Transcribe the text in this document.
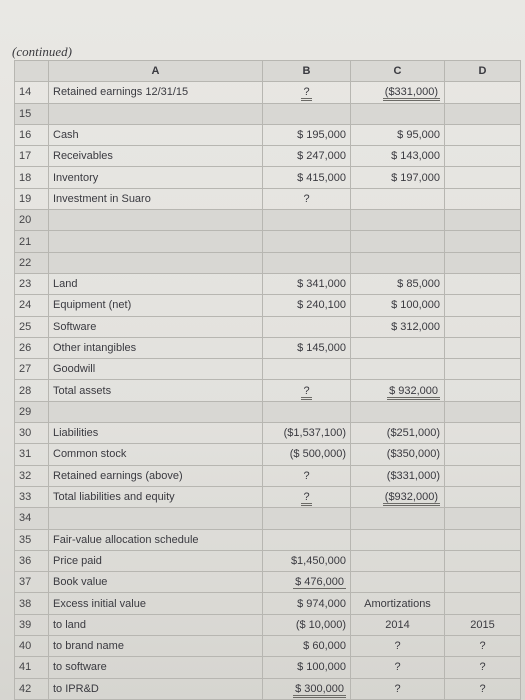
(continued)
	A	B	C	D
14	Retained earnings 12/31/15	?	($331,000)	
15				
16	Cash	$ 195,000	$ 95,000	
17	Receivables	$ 247,000	$ 143,000	
18	Inventory	$ 415,000	$ 197,000	
19	Investment in Suaro	?		
20				
21				
22				
23	Land	$ 341,000	$ 85,000	
24	Equipment (net)	$ 240,100	$ 100,000	
25	Software		$ 312,000	
26	Other intangibles	$ 145,000		
27	Goodwill			
28	Total assets	?	$ 932,000	
29				
30	Liabilities	($1,537,100)	($251,000)	
31	Common stock	($ 500,000)	($350,000)	
32	Retained earnings (above)	?	($331,000)	
33	Total liabilities and equity	?	($932,000)	
34				
35	Fair-value allocation schedule			
36	Price paid	$1,450,000		
37	Book value	$ 476,000		
38	Excess initial value	$ 974,000	Amortizations	
39	to land	($ 10,000)	2014	2015
40	to brand name	$ 60,000	?	?
41	to software	$ 100,000	?	?
42	to IPR&D	$ 300,000	?	?
